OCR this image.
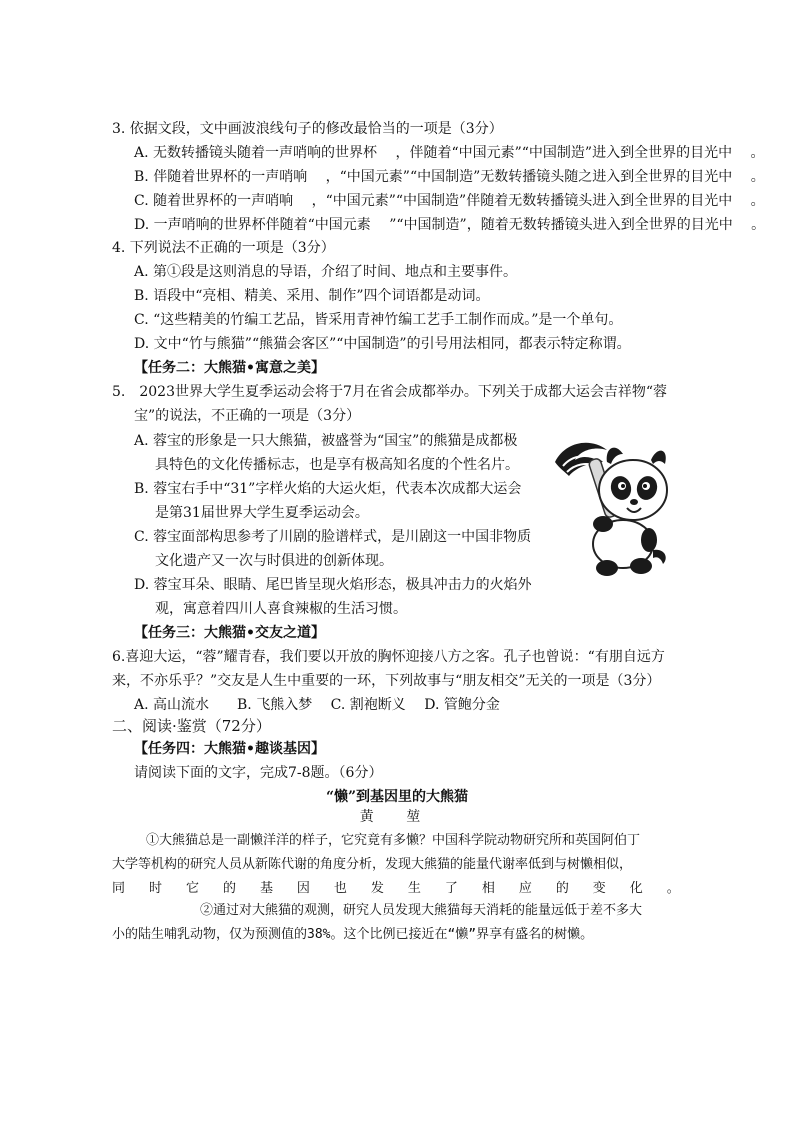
3. 依据文段，文中画波浪线句子的修改最恰当的一项是（3分）
A. 无数转播镜头随着一声哨响的世界杯　 ，伴随着“中国元素”“中国制造”进入到全世界的目光中　 。
B. 伴随着世界杯的一声哨响　 ，“中国元素”“中国制造”无数转播镜头随之进入到全世界的目光中　 。
C. 随着世界杯的一声哨响　 ，“中国元素”“中国制造”伴随着无数转播镜头进入到全世界的目光中　 。
D. 一声哨响的世界杯伴随着“中国元素　 ”“中国制造”，随着无数转播镜头进入到全世界的目光中　 。
4. 下列说法不正确的一项是（3分）
A. 第①段是这则消息的导语，介绍了时间、地点和主要事件。
B. 语段中“亮相、精美、采用、制作”四个词语都是动词。
C. “这些精美的竹编工艺品，皆采用青神竹编工艺手工制作而成。”是一个单句。
D. 文中“竹与熊猫”“熊猫会客区”“中国制造”的引号用法相同，都表示特定称谓。
【任务二：大熊猫•寓意之美】
5.　2023世界大学生夏季运动会将于7月在省会成都举办。下列关于成都大运会吉祥物“蓉
宝”的说法，不正确的一项是（3分）
A. 蓉宝的形象是一只大熊猫，被盛誉为“国宝”的熊猫是成都极
具特色的文化传播标志，也是享有极高知名度的个性名片。
B. 蓉宝右手中“31”字样火焰的大运火炬，代表本次成都大运会
是第31届世界大学生夏季运动会。
C. 蓉宝面部构思参考了川剧的脸谱样式，是川剧这一中国非物质
文化遗产又一次与时俱进的创新体现。
D. 蓉宝耳朵、眼睛、尾巴皆呈现火焰形态，极具冲击力的火焰外
观，寓意着四川人喜食辣椒的生活习惯。
【任务三：大熊猫•交友之道】
6.喜迎大运，“蓉”耀青春，我们要以开放的胸怀迎接八方之客。孔子也曾说：“有朋自远方
来，不亦乐乎？”交友是人生中重要的一环，下列故事与“朋友相交”无关的一项是（3分）
A. 高山流水　　B. 飞熊入梦　 C. 割袍断义　 D. 管鲍分金
二、阅读·鉴赏（72分）
【任务四：大熊猫•趣谈基因】
请阅读下面的文字，完成7-8题。（6分）
“懒”到基因里的大熊猫
黄 堃
①大熊猫总是一副懒洋洋的样子，它究竟有多懒？中国科学院动物研究所和英国阿伯丁
大学等机构的研究人员从新陈代谢的角度分析，发现大熊猫的能量代谢率低到与树懒相似，
同 时 它 的 基 因 也 发 生 了 相 应 的 变 化 。
②通过对大熊猫的观测，研究人员发现大熊猫每天消耗的能量远低于差不多大
小的陆生哺乳动物，仅为预测值的38%。这个比例已接近在“懒”界享有盛名的树懒。
